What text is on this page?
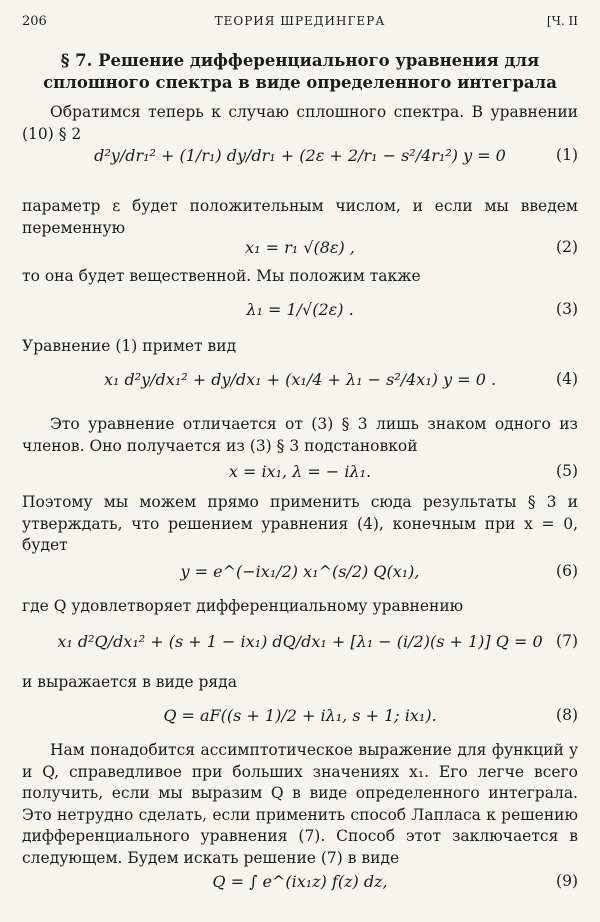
206	ТЕОРИЯ ШРЕДИНГЕРА	[Ч. II
§ 7. Решение дифференциального уравнения для сплошного спектра в виде определенного интеграла
Обратимся теперь к случаю сплошного спектра. В уравнении (10) § 2
d²y/dr₁² + (1/r₁) dy/dr₁ + (2ε + 2/r₁ − s²/4r₁²) y = 0	(1)
параметр ε будет положительным числом, и если мы введем переменную
x₁ = r₁ √(8ε) ,	(2)
то она будет вещественной. Мы положим также
λ₁ = 1/√(2ε) .	(3)
Уравнение (1) примет вид
x₁ d²y/dx₁² + dy/dx₁ + (x₁/4 + λ₁ − s²/4x₁) y = 0 .	(4)
Это уравнение отличается от (3) § 3 лишь знаком одного из членов. Оно получается из (3) § 3 подстановкой
x = ix₁, λ = − iλ₁.	(5)
Поэтому мы можем прямо применить сюда результаты § 3 и утверждать, что решением уравнения (4), конечным при x = 0, будет
y = e^(−ix₁/2) x₁^(s/2) Q(x₁),	(6)
где Q удовлетворяет дифференциальному уравнению
x₁ d²Q/dx₁² + (s + 1 − ix₁) dQ/dx₁ + [λ₁ − (i/2)(s + 1)] Q = 0 (7)
и выражается в виде ряда
Q = aF((s + 1)/2 + iλ₁, s + 1; ix₁).	(8)
Нам понадобится ассимптотическое выражение для функций y и Q, справедливое при больших значениях x₁. Его легче всего получить, если мы выразим Q в виде определенного интеграла. Это нетрудно сделать, если применить способ Лапласа к решению дифференциального уравнения (7). Способ этот заключается в следующем. Будем искать решение (7) в виде
Q = ∫ e^(ix₁z) f(z) dz,	(9)
